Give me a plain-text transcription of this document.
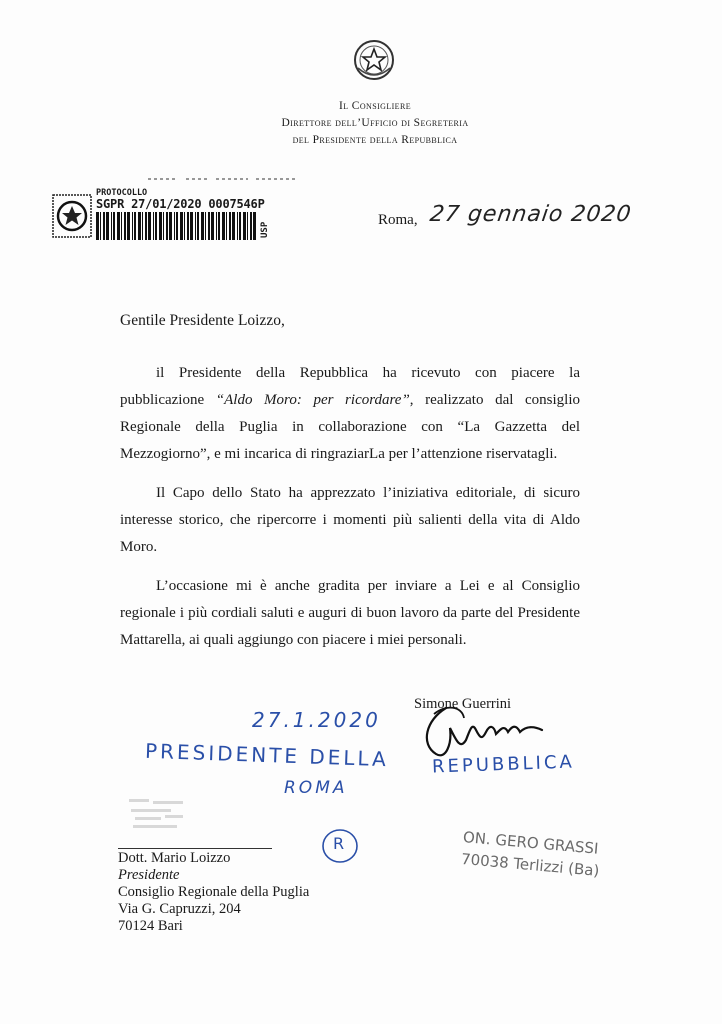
Il Consigliere
Direttore dell’Ufficio di Segreteria
del Presidente della Repubblica
PROTOCOLLO
SGPR 27/01/2020 0007546P
USP
Roma, 27 gennaio 2020
Gentile Presidente Loizzo,

il Presidente della Repubblica ha ricevuto con piacere la pubblicazione “Aldo Moro: per ricordare”, realizzato dal consiglio Regionale della Puglia in collaborazione con “La Gazzetta del Mezzogiorno”, e mi incarica di ringraziarLa per l’attenzione riservatagli.

Il Capo dello Stato ha apprezzato l’iniziativa editoriale, di sicuro interesse storico, che ripercorre i momenti più salienti della vita di Aldo Moro.

L’occasione mi è anche gradita per inviare a Lei e al Consiglio regionale i più cordiali saluti e auguri di buon lavoro da parte del Presidente Mattarella, ai quali aggiungo con piacere i miei personali.

Simone Guerrini
27.1.2020
PRESIDENTE DELLA REPUBBLICA
ROMA
R
Dott. Mario Loizzo
Presidente
Consiglio Regionale della Puglia
Via G. Capruzzi, 204
70124 Bari
ON. GERO GRASSI
70038 Terlizzi (Ba)
